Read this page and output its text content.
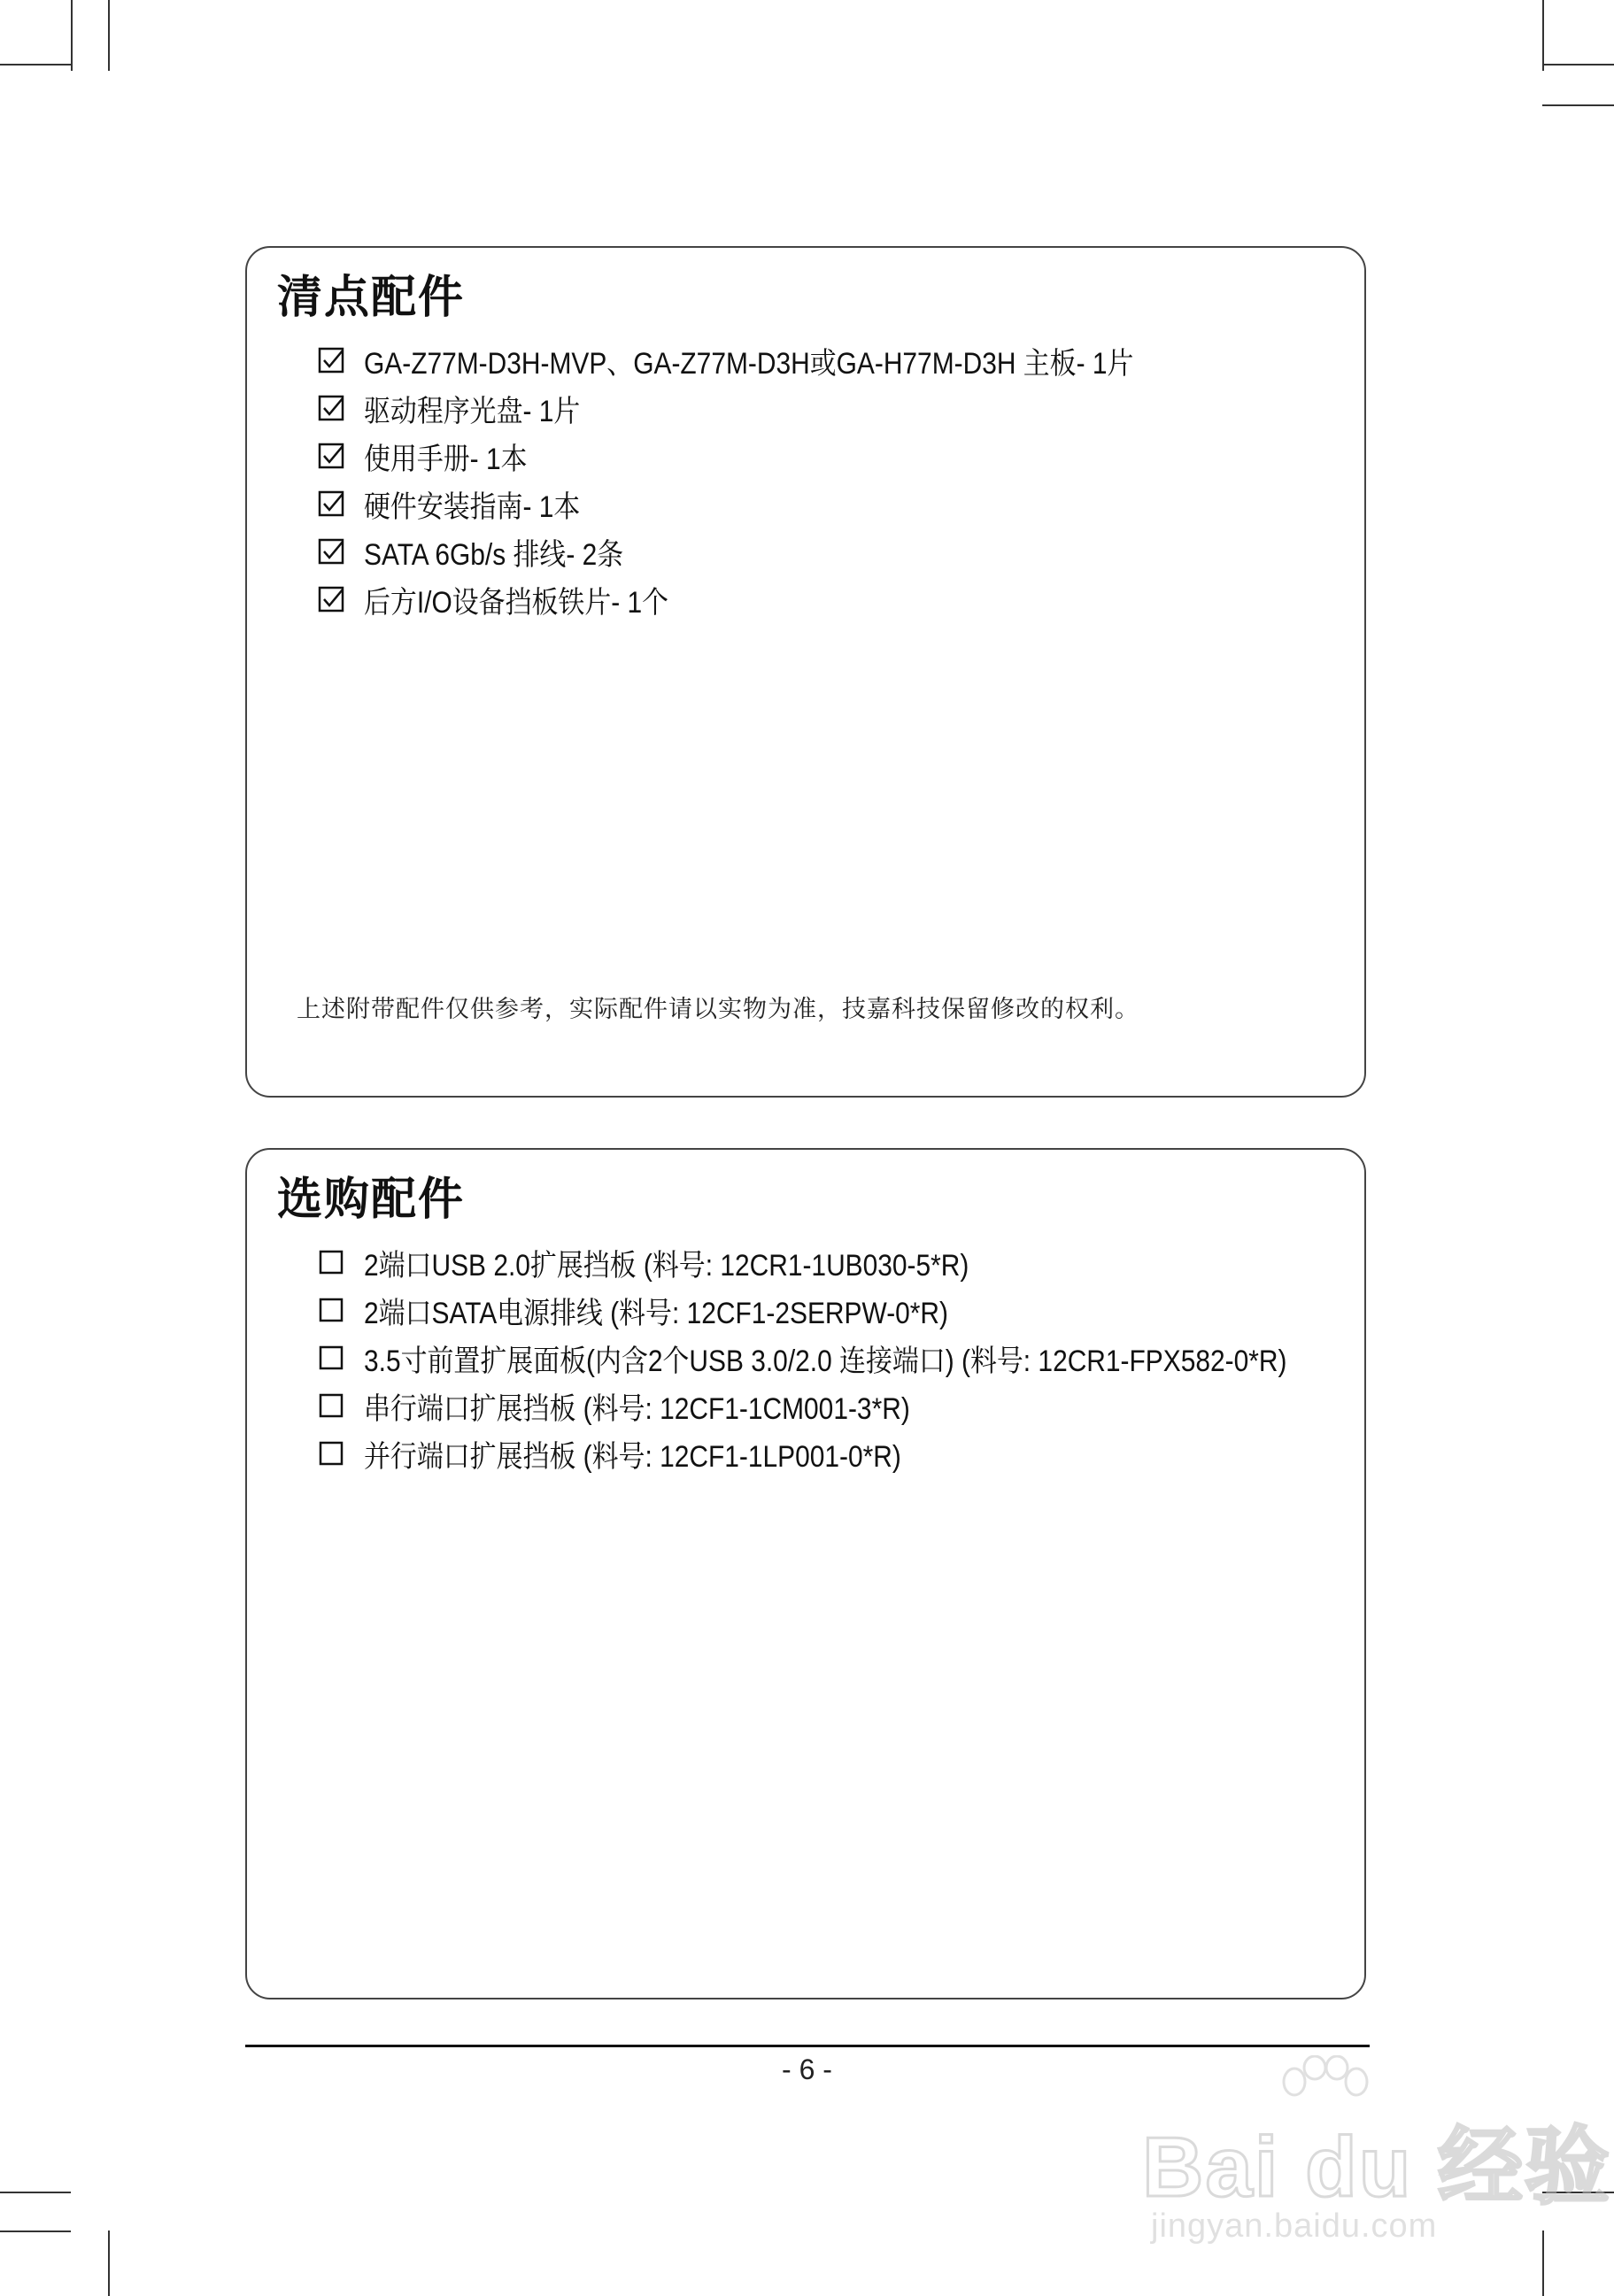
清点配件
GA-Z77M-D3H-MVP、GA-Z77M-D3H或GA-H77M-D3H 主板- 1片
驱动程序光盘- 1片
使用手册- 1本
硬件安装指南- 1本
SATA 6Gb/s 排线- 2条
后方I/O设备挡板铁片- 1个

上述附带配件仅供参考，实际配件请以实物为准，技嘉科技保留修改的权利。

选购配件
2端口USB 2.0扩展挡板 (料号: 12CR1-1UB030-5*R)
2端口SATA电源排线 (料号: 12CF1-2SERPW-0*R)
3.5寸前置扩展面板(内含2个USB 3.0/2.0 连接端口) (料号: 12CR1-FPX582-0*R)
串行端口扩展挡板 (料号: 12CF1-1CM001-3*R)
并行端口扩展挡板 (料号: 12CF1-1LP001-0*R)
- 6 -
Bai du 经验
jingyan.baidu.com
